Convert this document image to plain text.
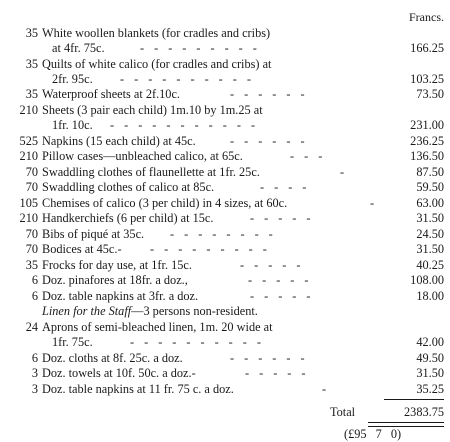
Francs.
35 White woollen blankets (for cradles and cribs)
at 4fr. 75c.	---------	166.25
35 Quilts of white calico (for cradles and cribs) at
2fr. 95c. ----------	103.25
35 Waterproof sheets at 2f.10c.	------	73.50
210 Sheets (3 pair each child) 1m.10 by 1m.25 at
1fr. 10c. -----------	231.00
525 Napkins (15 each child) at 45c.	------	236.25
210 Pillow cases—unbleached calico, at 65c.	---	136.50
70 Swaddling clothes of flaunellette at 1fr. 25c.	-	87.50
70 Swaddling clothes of calico at 85c.	----	59.50
105 Chemises of calico (3 per child) in 4 sizes, at 60c.	-	63.00
210 Handkerchiefs (6 per child) at 15c.	-----	31.50
70 Bibs of piqué at 35c. --------	24.50
70 Bodices at 45c.- ---------	31.50
35 Frocks for day use, at 1fr. 15c.	-----	40.25
6 Doz. pinafores at 18fr. a doz.,	-----	108.00
6 Doz. table napkins at 3fr. a doz.	-----	18.00
Linen for the Staff—3 persons non-resident.
24 Aprons of semi-bleached linen, 1m. 20 wide at
1fr. 75c.	----------	42.00
6 Doz. cloths at 8f. 25c. a doz.	------	49.50
3 Doz. towels at 10f. 50c. a doz.-	-----	31.50
3 Doz. table napkins at 11 fr. 75 c. a doz.	-	35.25
Total	2383.75
(£95 7 0)
